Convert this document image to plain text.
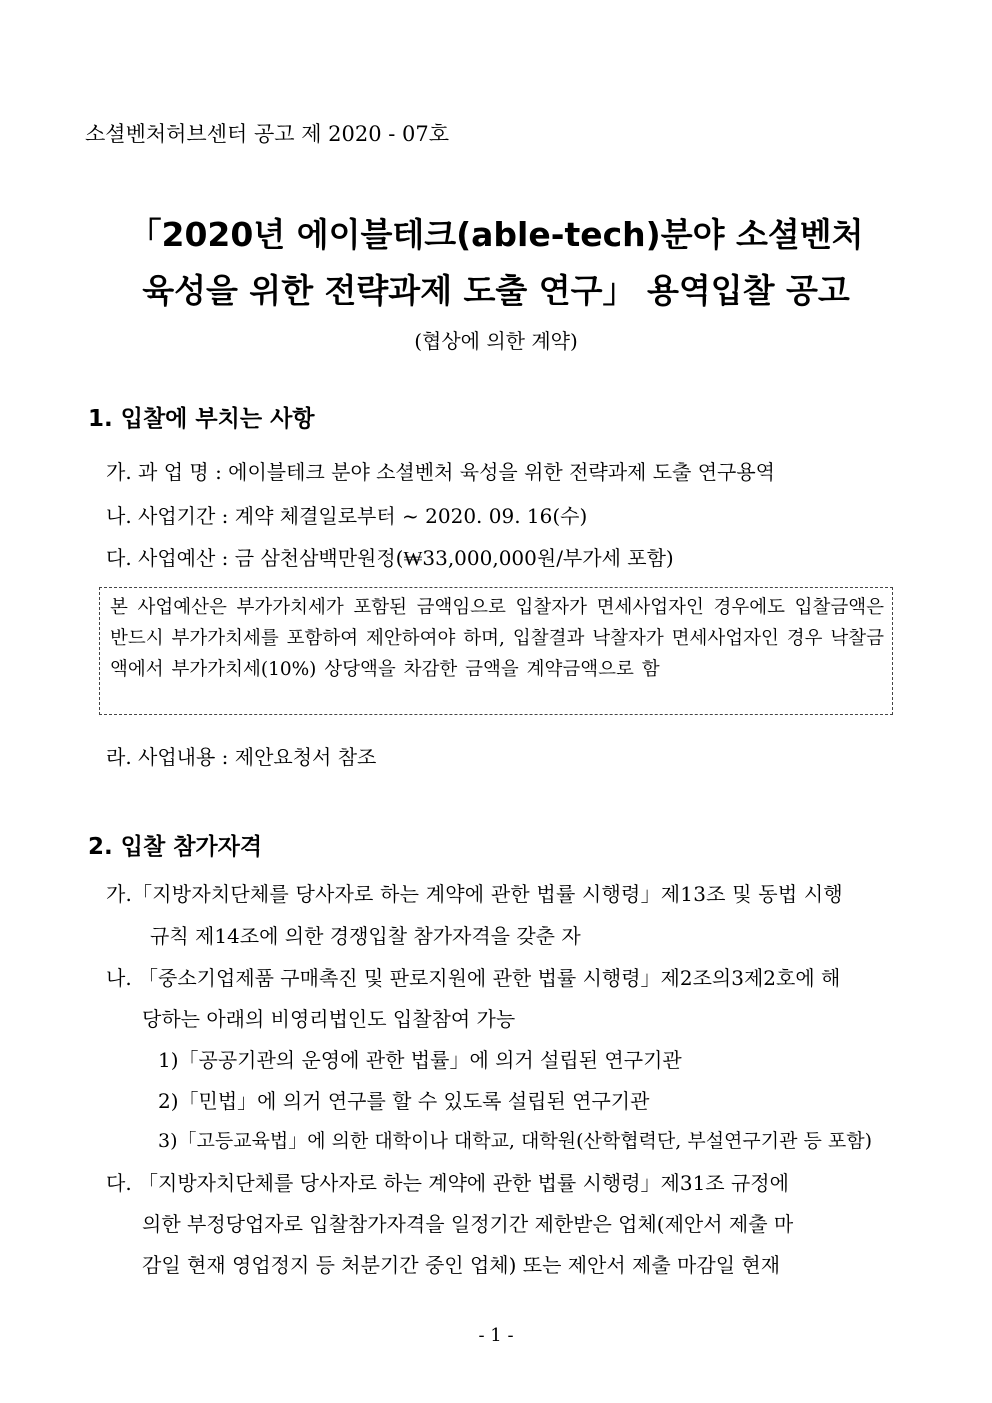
소셜벤처허브센터 공고 제 2020 - 07호
「2020년 에이블테크(able-tech)분야 소셜벤처
육성을 위한 전략과제 도출 연구」 용역입찰 공고
(협상에 의한 계약)
1. 입찰에 부치는 사항
가. 과 업 명 : 에이블테크 분야 소셜벤처 육성을 위한 전략과제 도출 연구용역
나. 사업기간 : 계약 체결일로부터 ~ 2020. 09. 16(수)
다. 사업예산 : 금 삼천삼백만원정(₩33,000,000원/부가세 포함)

본 사업예산은 부가가치세가 포함된 금액임으로 입찰자가 면세사업자인 경우에도 입찰금액은 반드시 부가가치세를 포함하여 제안하여야 하며, 입찰결과 낙찰자가 면세사업자인 경우 낙찰금액에서 부가가치세(10%) 상당액을 차감한 금액을 계약금액으로 함

라. 사업내용 : 제안요청서 참조
2. 입찰 참가자격
가.「지방자치단체를 당사자로 하는 계약에 관한 법률 시행령」제13조 및 동법 시행
규칙 제14조에 의한 경쟁입찰 참가자격을 갖춘 자
나. 「중소기업제품 구매촉진 및 판로지원에 관한 법률 시행령」제2조의3제2호에 해
당하는 아래의 비영리법인도 입찰참여 가능
1)「공공기관의 운영에 관한 법률」에 의거 설립된 연구기관
2)「민법」에 의거 연구를 할 수 있도록 설립된 연구기관
3)「고등교육법」에 의한 대학이나 대학교, 대학원(산학협력단, 부설연구기관 등 포함)
다. 「지방자치단체를 당사자로 하는 계약에 관한 법률 시행령」제31조 규정에
의한 부정당업자로 입찰참가자격을 일정기간 제한받은 업체(제안서 제출 마
감일 현재 영업정지 등 처분기간 중인 업체) 또는 제안서 제출 마감일 현재
- 1 -
